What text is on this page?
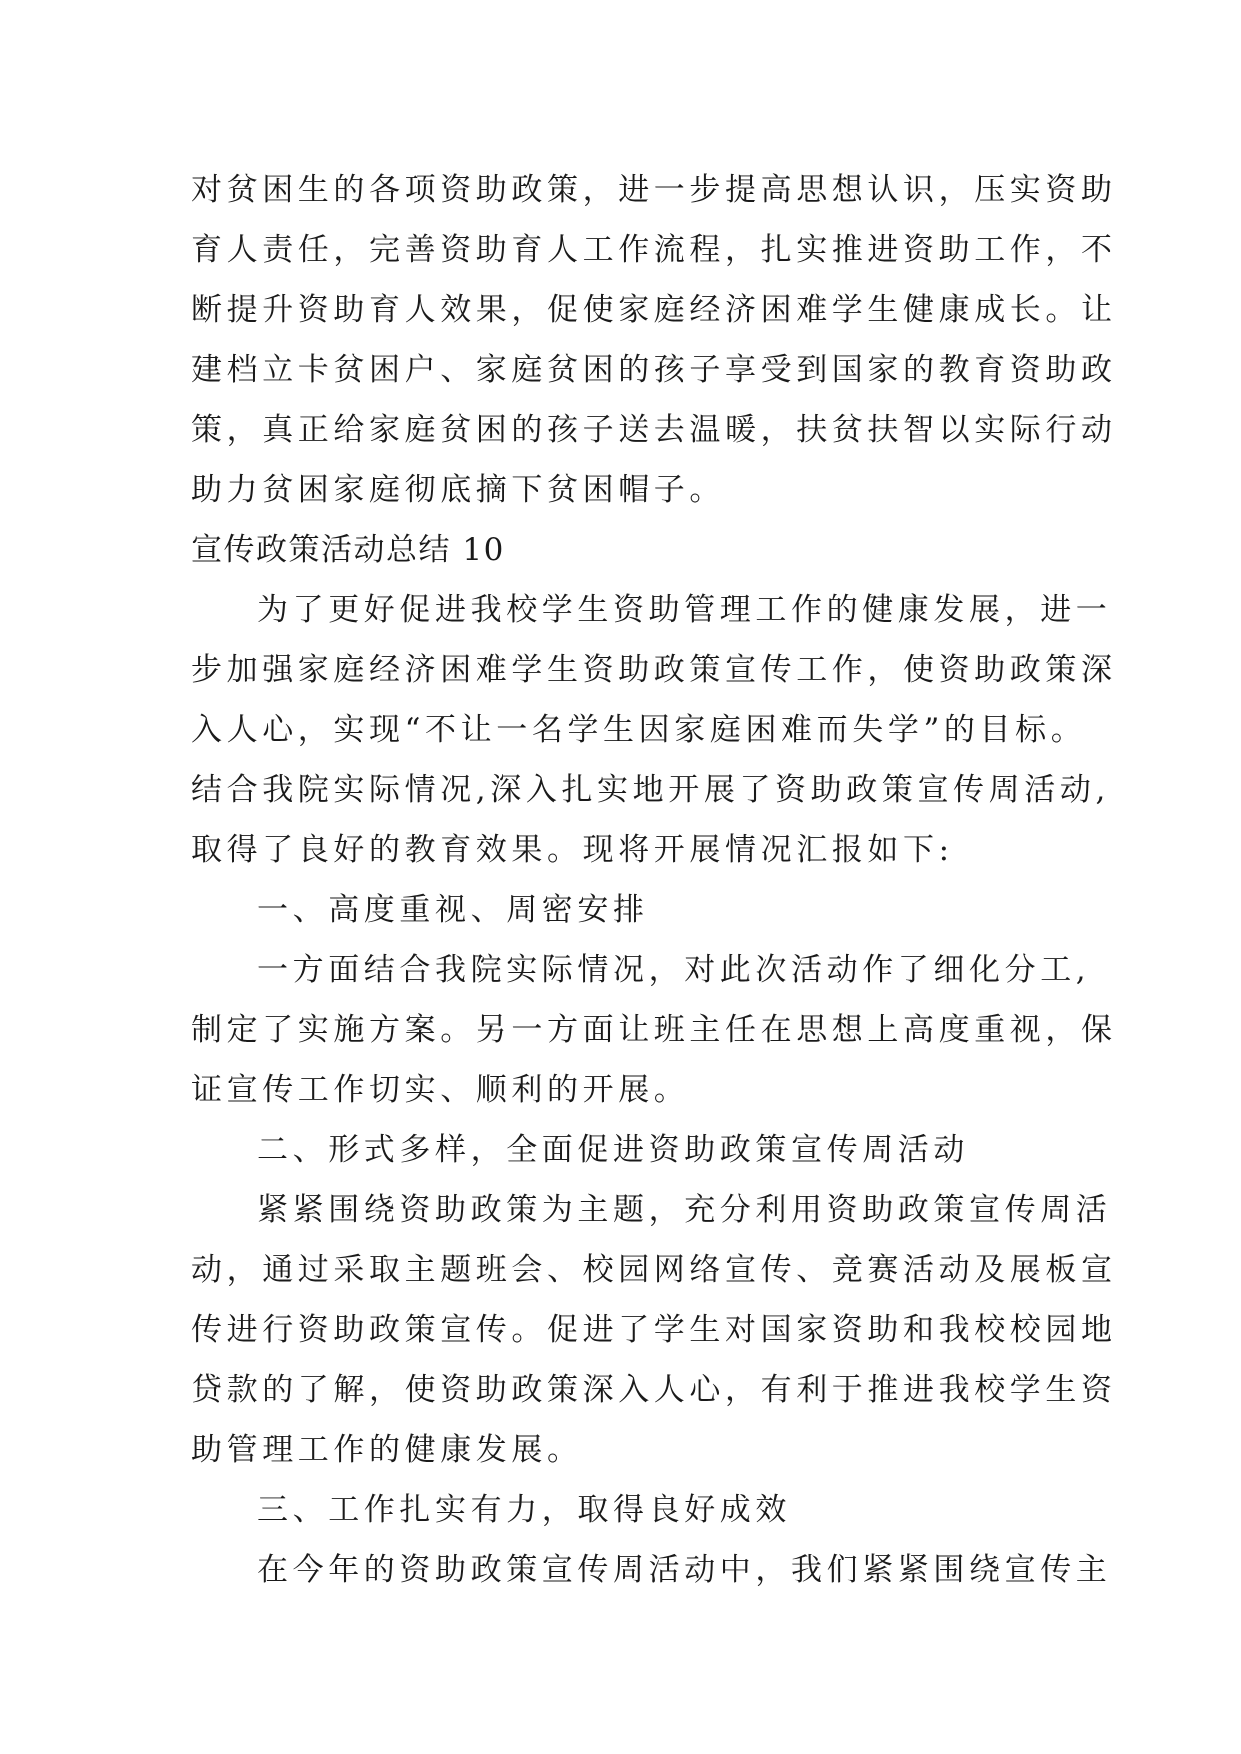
对贫困生的各项资助政策，进一步提高思想认识，压实资助
育人责任，完善资助育人工作流程，扎实推进资助工作，不
断提升资助育人效果，促使家庭经济困难学生健康成长。让
建档立卡贫困户、家庭贫困的孩子享受到国家的教育资助政
策，真正给家庭贫困的孩子送去温暖，扶贫扶智以实际行动
助力贫困家庭彻底摘下贫困帽子。
宣传政策活动总结 10
为了更好促进我校学生资助管理工作的健康发展，进一
步加强家庭经济困难学生资助政策宣传工作，使资助政策深
入人心，实现“不让一名学生因家庭困难而失学”的目标。
结合我院实际情况,深入扎实地开展了资助政策宣传周活动,
取得了良好的教育效果。现将开展情况汇报如下:
一、高度重视、周密安排
一方面结合我院实际情况，对此次活动作了细化分工,
制定了实施方案。另一方面让班主任在思想上高度重视，保
证宣传工作切实、顺利的开展。
二、形式多样，全面促进资助政策宣传周活动
紧紧围绕资助政策为主题，充分利用资助政策宣传周活
动，通过采取主题班会、校园网络宣传、竞赛活动及展板宣
传进行资助政策宣传。促进了学生对国家资助和我校校园地
贷款的了解，使资助政策深入人心，有利于推进我校学生资
助管理工作的健康发展。
三、工作扎实有力，取得良好成效
在今年的资助政策宣传周活动中，我们紧紧围绕宣传主
